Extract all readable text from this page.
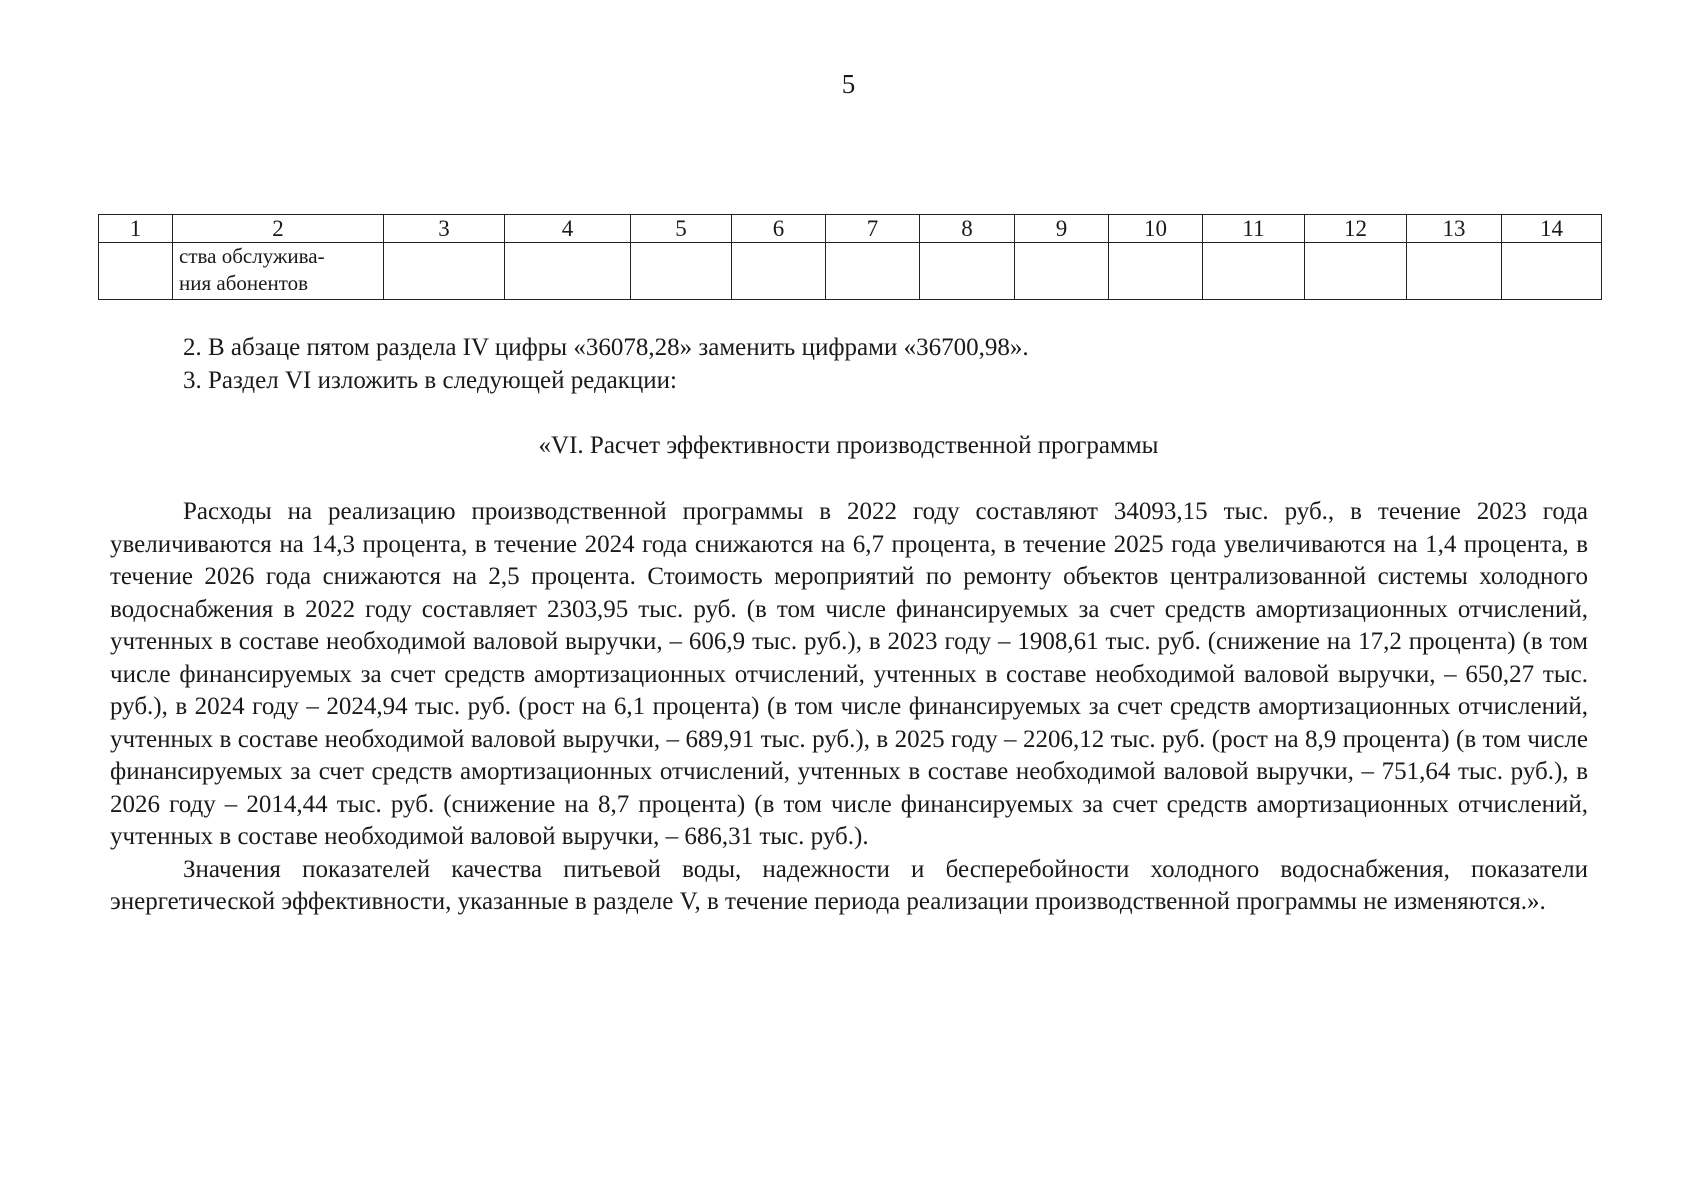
5
1	2	3	4	5	6	7	8	9	10	11	12	13	14

	ства обслужива-
ния абонентов												

2. В абзаце пятом раздела IV цифры «36078,28» заменить цифрами «36700,98».

3. Раздел VI изложить в следующей редакции:

«VI. Расчет эффективности производственной программы

Расходы на реализацию производственной программы в 2022 году составляют 34093,15 тыс. руб., в течение 2023 года увеличиваются на 14,3 процента, в течение 2024 года снижаются на 6,7 процента, в течение 2025 года увеличиваются на 1,4 процента, в течение 2026 года снижаются на 2,5 процента. Стоимость мероприятий по ремонту объектов централизованной системы холодного водоснабжения в 2022 году составляет 2303,95 тыс. руб. (в том числе финансируемых за счет средств амортизационных отчислений, учтенных в составе необходимой валовой выручки, – 606,9 тыс. руб.), в 2023 году – 1908,61 тыс. руб. (снижение на 17,2 процента) (в том числе финансируемых за счет средств амортизационных отчислений, учтенных в составе необходимой валовой выручки, – 650,27 тыс. руб.), в 2024 году – 2024,94 тыс. руб. (рост на 6,1 процента) (в том числе финансируемых за счет средств амортизационных отчислений, учтенных в составе необходимой валовой выручки, – 689,91 тыс. руб.), в 2025 году – 2206,12 тыс. руб. (рост на 8,9 процента) (в том числе финансируемых за счет средств амортизационных отчислений, учтенных в составе необходимой валовой выручки, – 751,64 тыс. руб.), в 2026 году – 2014,44 тыс. руб. (снижение на 8,7 процента) (в том числе финансируемых за счет средств амортизационных отчислений, учтенных в составе необходимой валовой выручки, – 686,31 тыс. руб.).

Значения показателей качества питьевой воды, надежности и бесперебойности холодного водоснабжения, показатели энергетической эффективности, указанные в разделе V, в течение периода реализации производственной программы не изменяются.».
